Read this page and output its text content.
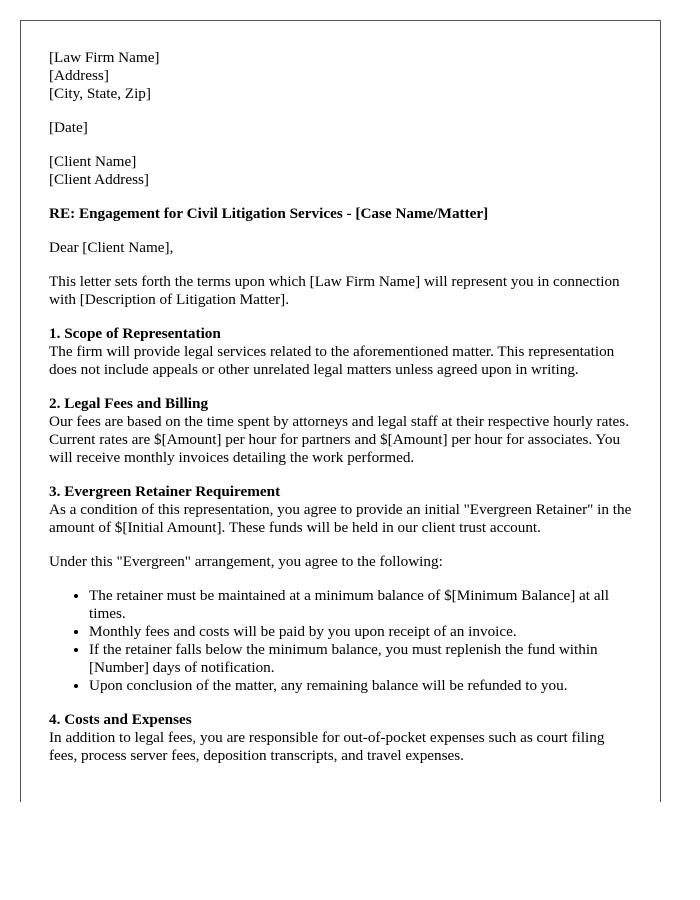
[Law Firm Name]
[Address]
[City, State, Zip]
[Date]
[Client Name]
[Client Address]
RE: Engagement for Civil Litigation Services - [Case Name/Matter]

Dear [Client Name],

This letter sets forth the terms upon which [Law Firm Name] will represent you in connection with [Description of Litigation Matter].

1. Scope of Representation
The firm will provide legal services related to the aforementioned matter. This representation does not include appeals or other unrelated legal matters unless agreed upon in writing.
2. Legal Fees and Billing
Our fees are based on the time spent by attorneys and legal staff at their respective hourly rates. Current rates are $[Amount] per hour for partners and $[Amount] per hour for associates. You will receive monthly invoices detailing the work performed.
3. Evergreen Retainer Requirement
As a condition of this representation, you agree to provide an initial "Evergreen Retainer" in the amount of $[Initial Amount]. These funds will be held in our client trust account.

Under this "Evergreen" arrangement, you agree to the following:

• The retainer must be maintained at a minimum balance of $[Minimum Balance] at all times.
• Monthly fees and costs will be paid by you upon receipt of an invoice.
• If the retainer falls below the minimum balance, you must replenish the fund within [Number] days of notification.
• Upon conclusion of the matter, any remaining balance will be refunded to you.
4. Costs and Expenses
In addition to legal fees, you are responsible for out-of-pocket expenses such as court filing fees, process server fees, deposition transcripts, and travel expenses.
